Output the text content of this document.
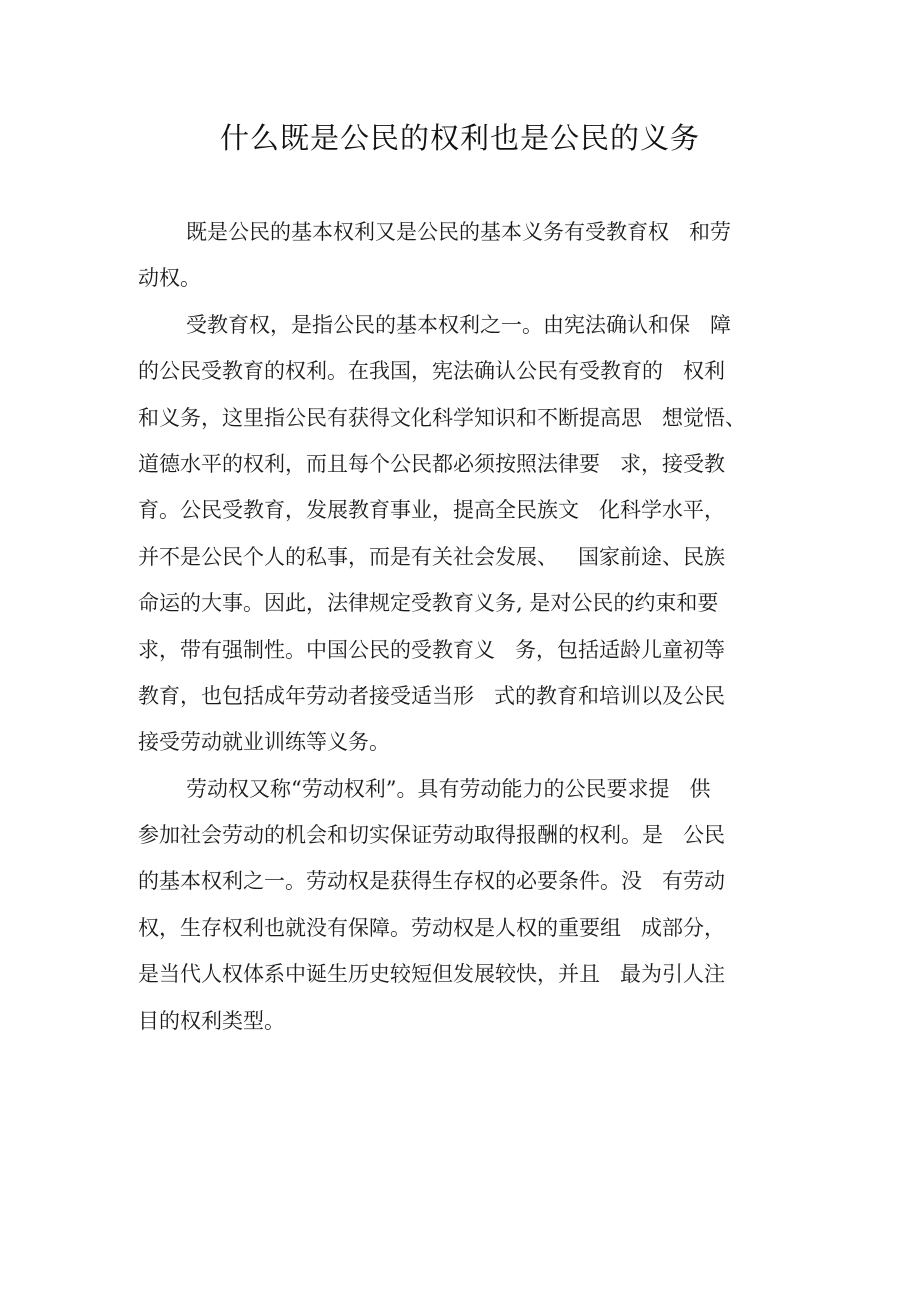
什么既是公民的权利也是公民的义务
既是公民的基本权利又是公民的基本义务有受教育权   和劳
动权。
受教育权，是指公民的基本权利之一。由宪法确认和保   障
的公民受教育的权利。在我国，宪法确认公民有受教育的   权利
和义务，这里指公民有获得文化科学知识和不断提高思   想觉悟、
道德水平的权利，而且每个公民都必须按照法律要   求，接受教
育。公民受教育，发展教育事业，提高全民族文   化科学水平，
并不是公民个人的私事，而是有关社会发展、   国家前途、民族
命运的大事。因此，法律规定受教育义务, 是对公民的约束和要
求，带有强制性。中国公民的受教育义   务，包括适龄儿童初等
教育，也包括成年劳动者接受适当形   式的教育和培训以及公民
接受劳动就业训练等义务。
劳动权又称“劳动权利”。具有劳动能力的公民要求提   供
参加社会劳动的机会和切实保证劳动取得报酬的权利。是   公民
的基本权利之一。劳动权是获得生存权的必要条件。没   有劳动
权，生存权利也就没有保障。劳动权是人权的重要组   成部分，
是当代人权体系中诞生历史较短但发展较快，并且   最为引人注
目的权利类型。
